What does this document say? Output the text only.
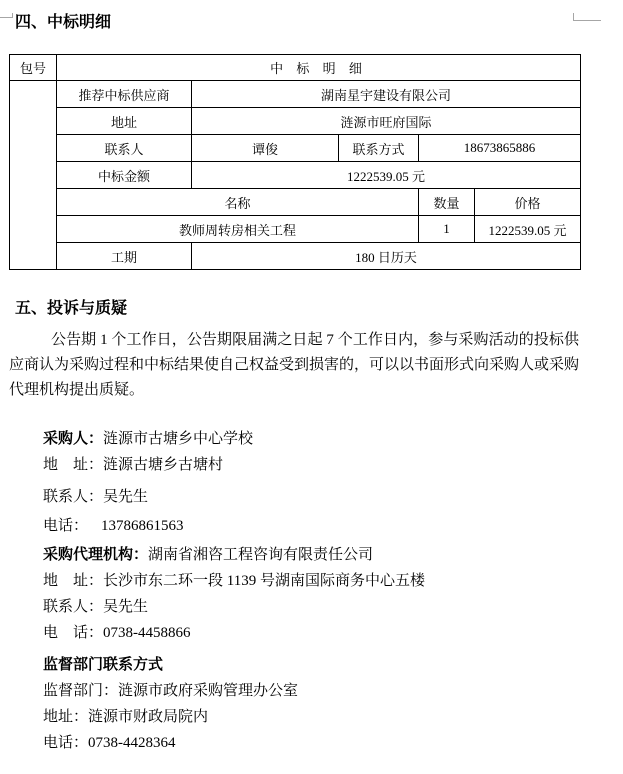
四、中标明细
包号	中 标 明 细				
	推荐中标供应商	湖南星宇建设有限公司			
	地址	涟源市旺府国际			
	联系人	谭俊	联系方式	18673865886	
	中标金额	1222539.05 元			
	名称			数量	价格
	教师周转房相关工程			1	1222539.05 元
	工期	180 日历天			
五、投诉与质疑

公告期 1 个工作日，公告期限届满之日起 7 个工作日内，参与采购活动的投标供应商认为采购过程和中标结果使自己权益受到损害的，可以以书面形式向采购人或采购代理机构提出质疑。

采购人：涟源市古塘乡中心学校

地　址：涟源古塘乡古塘村

联系人：吴先生

电话： 13786861563

采购代理机构：湖南省湘咨工程咨询有限责任公司

地　址：长沙市东二环一段 1139 号湖南国际商务中心五楼

联系人：吴先生

电　话：0738-4458866

监督部门联系方式

监督部门：涟源市政府采购管理办公室

地址：涟源市财政局院内

电话：0738-4428364
